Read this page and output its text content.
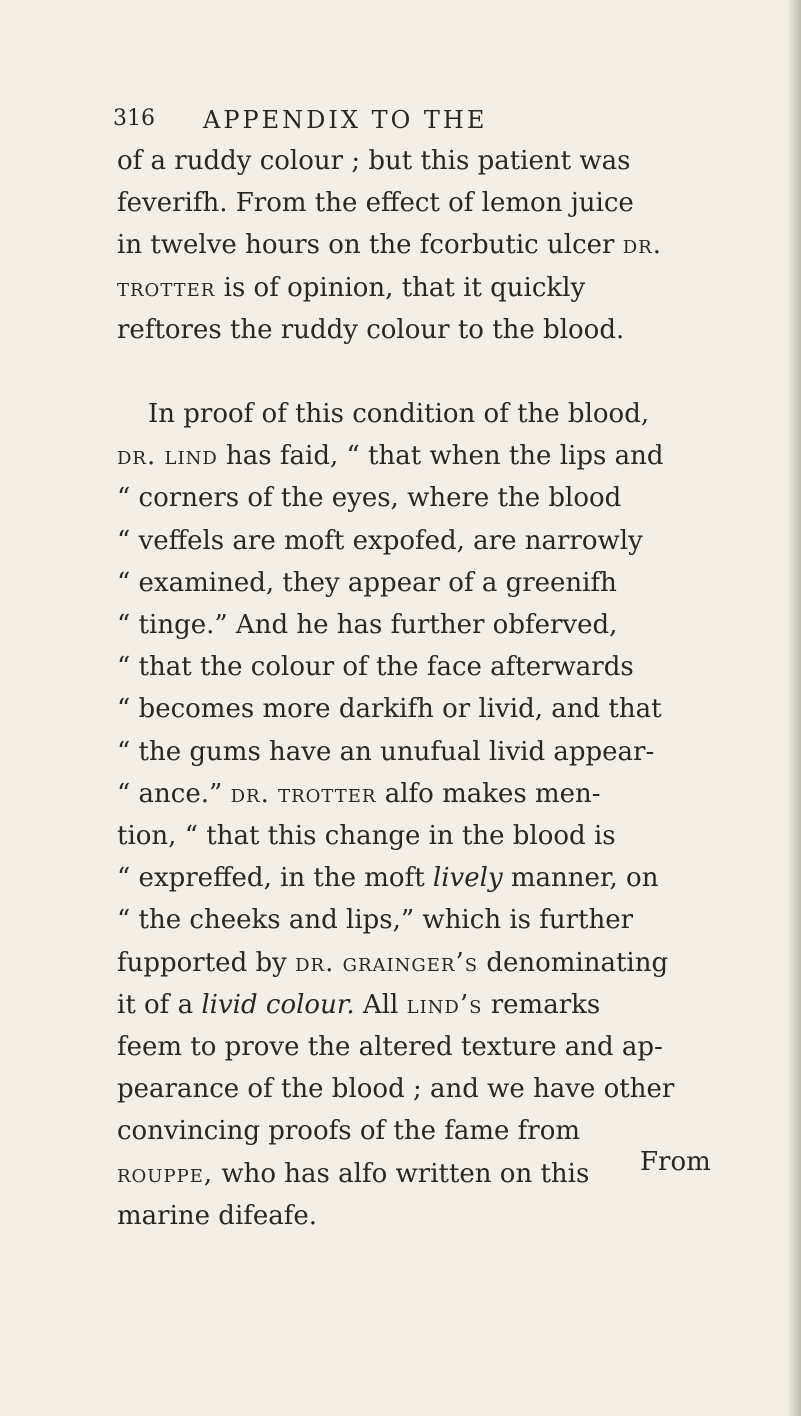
316 APPENDIX TO THE

of a ruddy colour ; but this patient was
feverifh. From the effect of lemon juice
in twelve hours on the fcorbutic ulcer dr.
trotter is of opinion, that it quickly
reftores the ruddy colour to the blood.

In proof of this condition of the blood,
dr. lind has faid, “ that when the lips and
“ corners of the eyes, where the blood
“ veffels are moft expofed, are narrowly
“ examined, they appear of a greenifh
“ tinge.” And he has further obferved,
“ that the colour of the face afterwards
“ becomes more darkifh or livid, and that
“ the gums have an unufual livid appear-
“ ance.” dr. trotter alfo makes men-
tion, “ that this change in the blood is
“ expreffed, in the moft lively manner, on
“ the cheeks and lips,” which is further
fupported by dr. grainger’s denominating
it of a livid colour. All lind’s remarks
feem to prove the altered texture and ap-
pearance of the blood ; and we have other
convincing proofs of the fame from
rouppe, who has alfo written on this
marine difeafe.

From
